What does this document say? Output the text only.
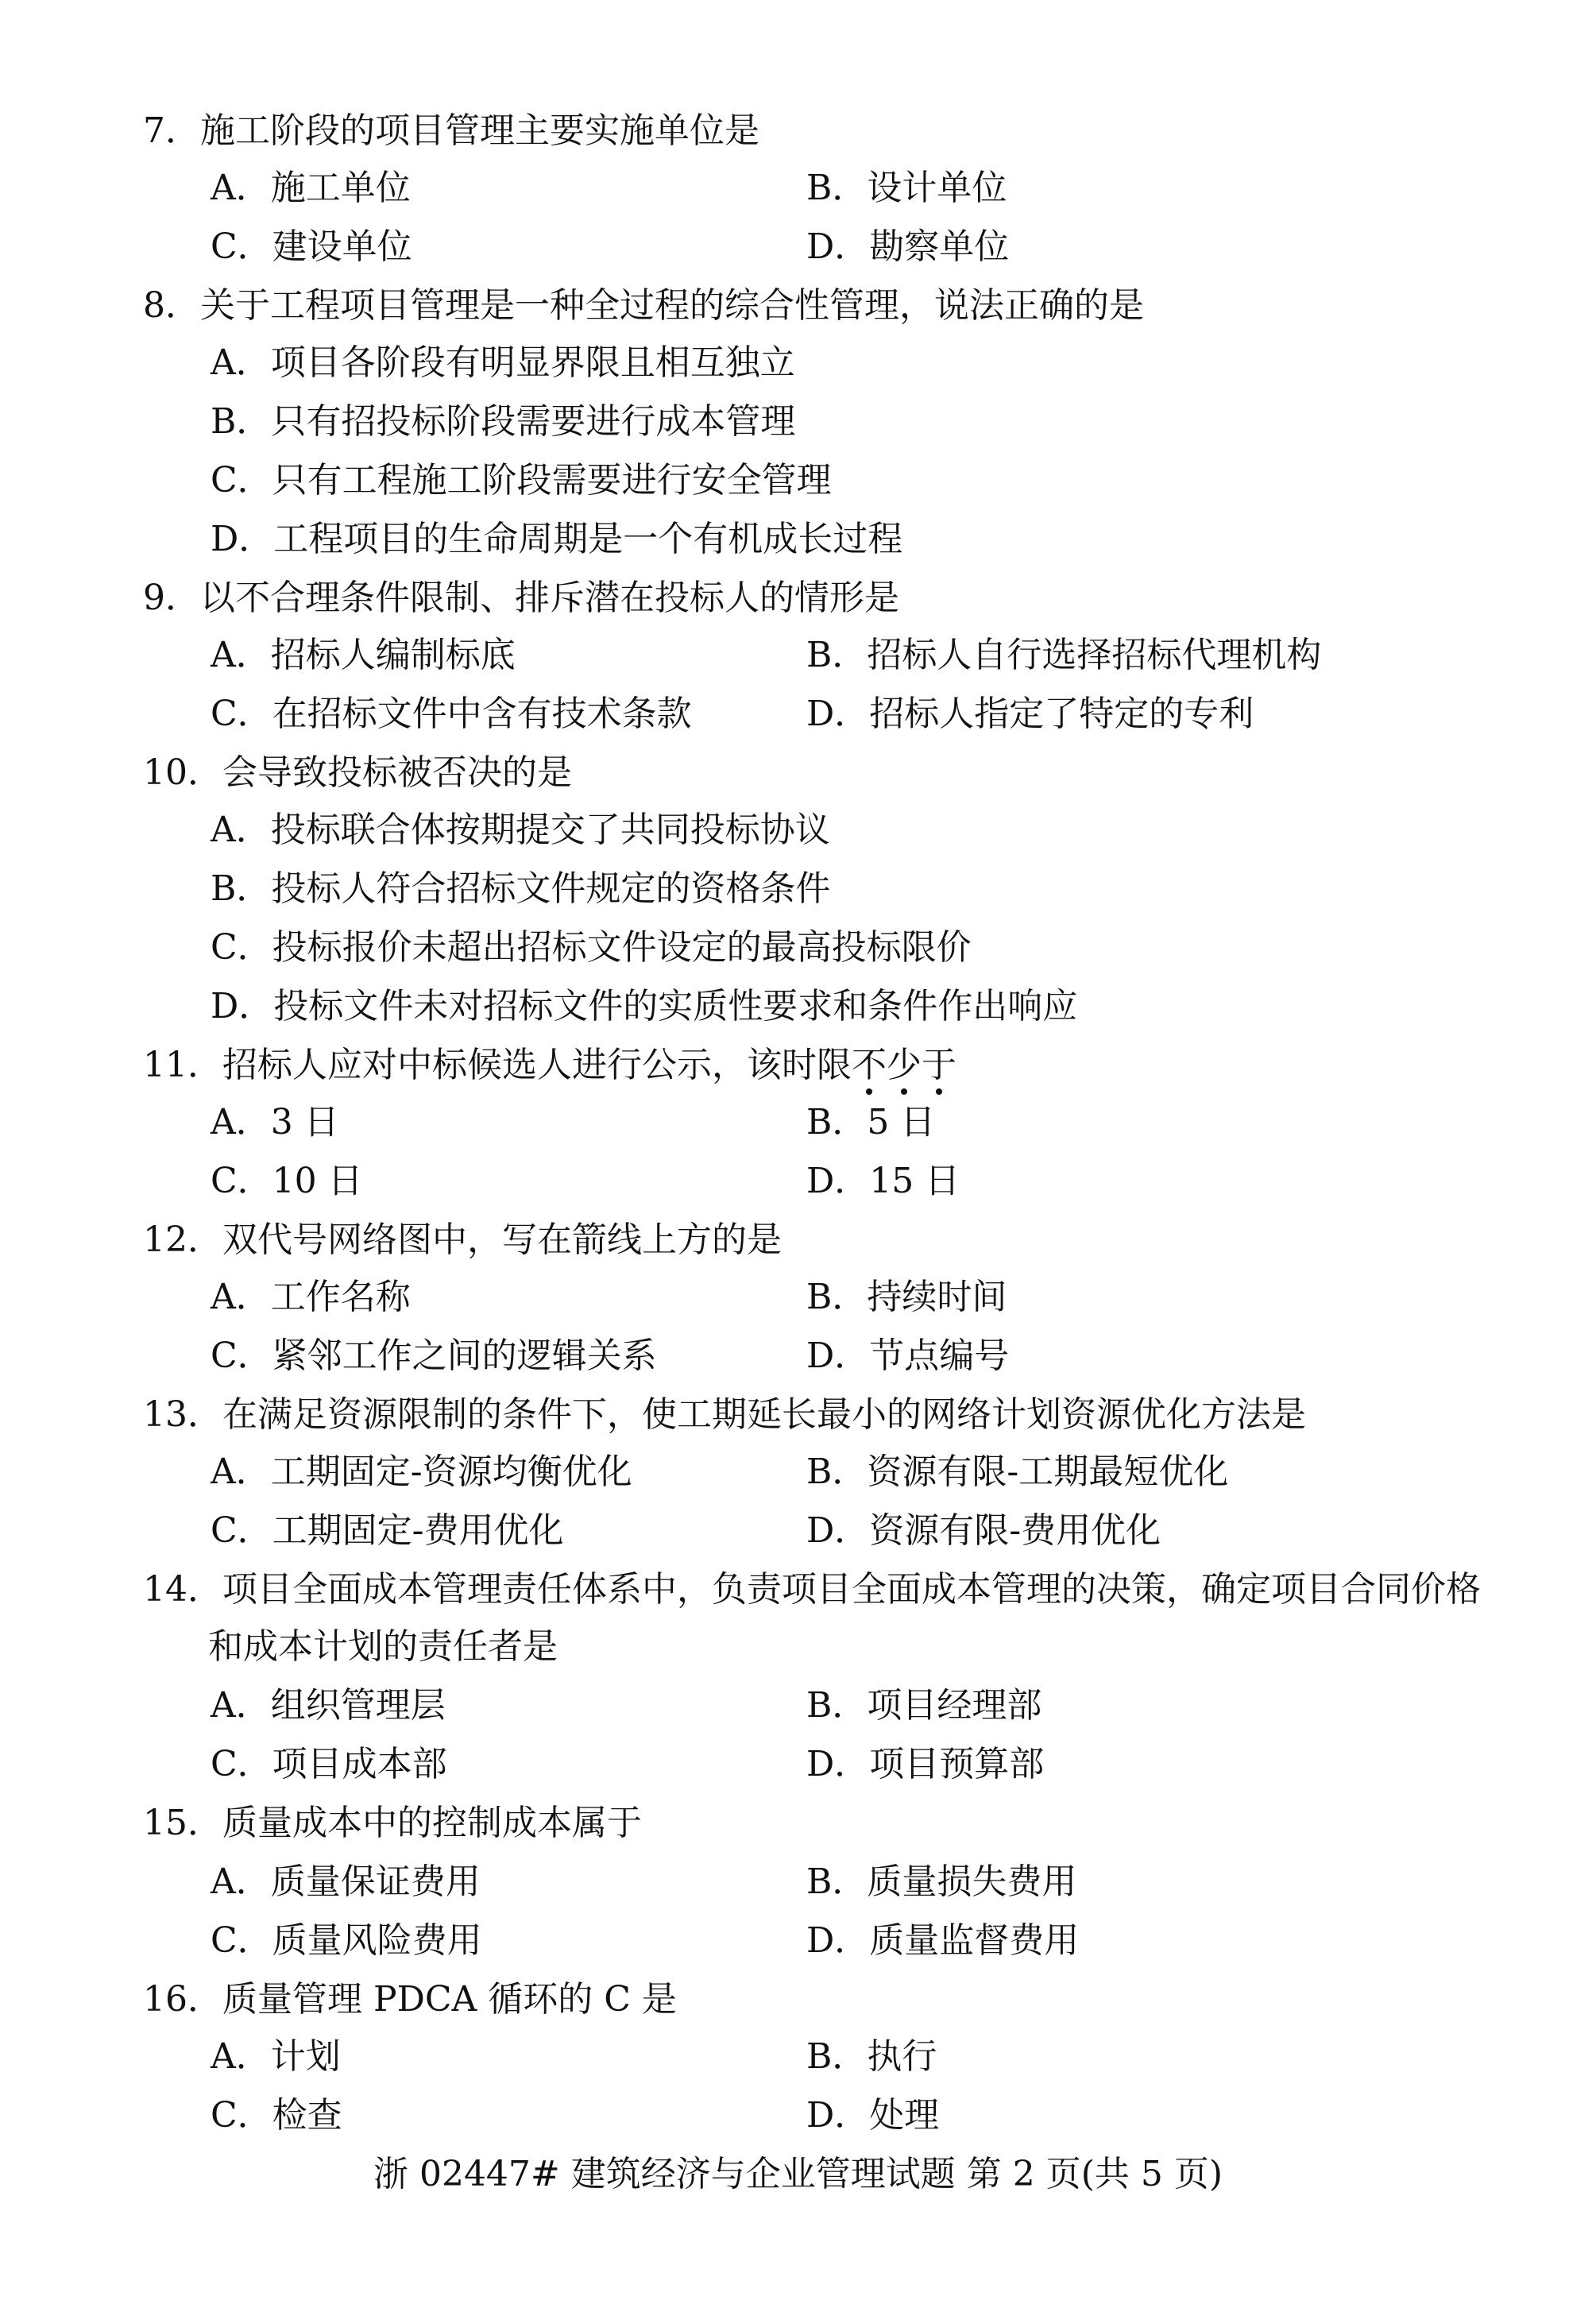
7．施工阶段的项目管理主要实施单位是
A．施工单位	B．设计单位
C．建设单位	D．勘察单位
8．关于工程项目管理是一种全过程的综合性管理，说法正确的是
A．项目各阶段有明显界限且相互独立
B．只有招投标阶段需要进行成本管理
C．只有工程施工阶段需要进行安全管理
D．工程项目的生命周期是一个有机成长过程
9．以不合理条件限制、排斥潜在投标人的情形是
A．招标人编制标底	B．招标人自行选择招标代理机构
C．在招标文件中含有技术条款	D．招标人指定了特定的专利
10．会导致投标被否决的是
A．投标联合体按期提交了共同投标协议
B．投标人符合招标文件规定的资格条件
C．投标报价未超出招标文件设定的最高投标限价
D．投标文件未对招标文件的实质性要求和条件作出响应
11．招标人应对中标候选人进行公示，该时限不少于
A．3 日	B．5 日
C．10 日	D．15 日
12．双代号网络图中，写在箭线上方的是
A．工作名称	B．持续时间
C．紧邻工作之间的逻辑关系	D．节点编号
13．在满足资源限制的条件下，使工期延长最小的网络计划资源优化方法是
A．工期固定-资源均衡优化	B．资源有限-工期最短优化
C．工期固定-费用优化	D．资源有限-费用优化
14．项目全面成本管理责任体系中，负责项目全面成本管理的决策，确定项目合同价格
和成本计划的责任者是
A．组织管理层	B．项目经理部
C．项目成本部	D．项目预算部
15．质量成本中的控制成本属于
A．质量保证费用	B．质量损失费用
C．质量风险费用	D．质量监督费用
16．质量管理 PDCA 循环的 C 是
A．计划	B．执行
C．检查	D．处理
浙 02447# 建筑经济与企业管理试题 第 2 页(共 5 页)
